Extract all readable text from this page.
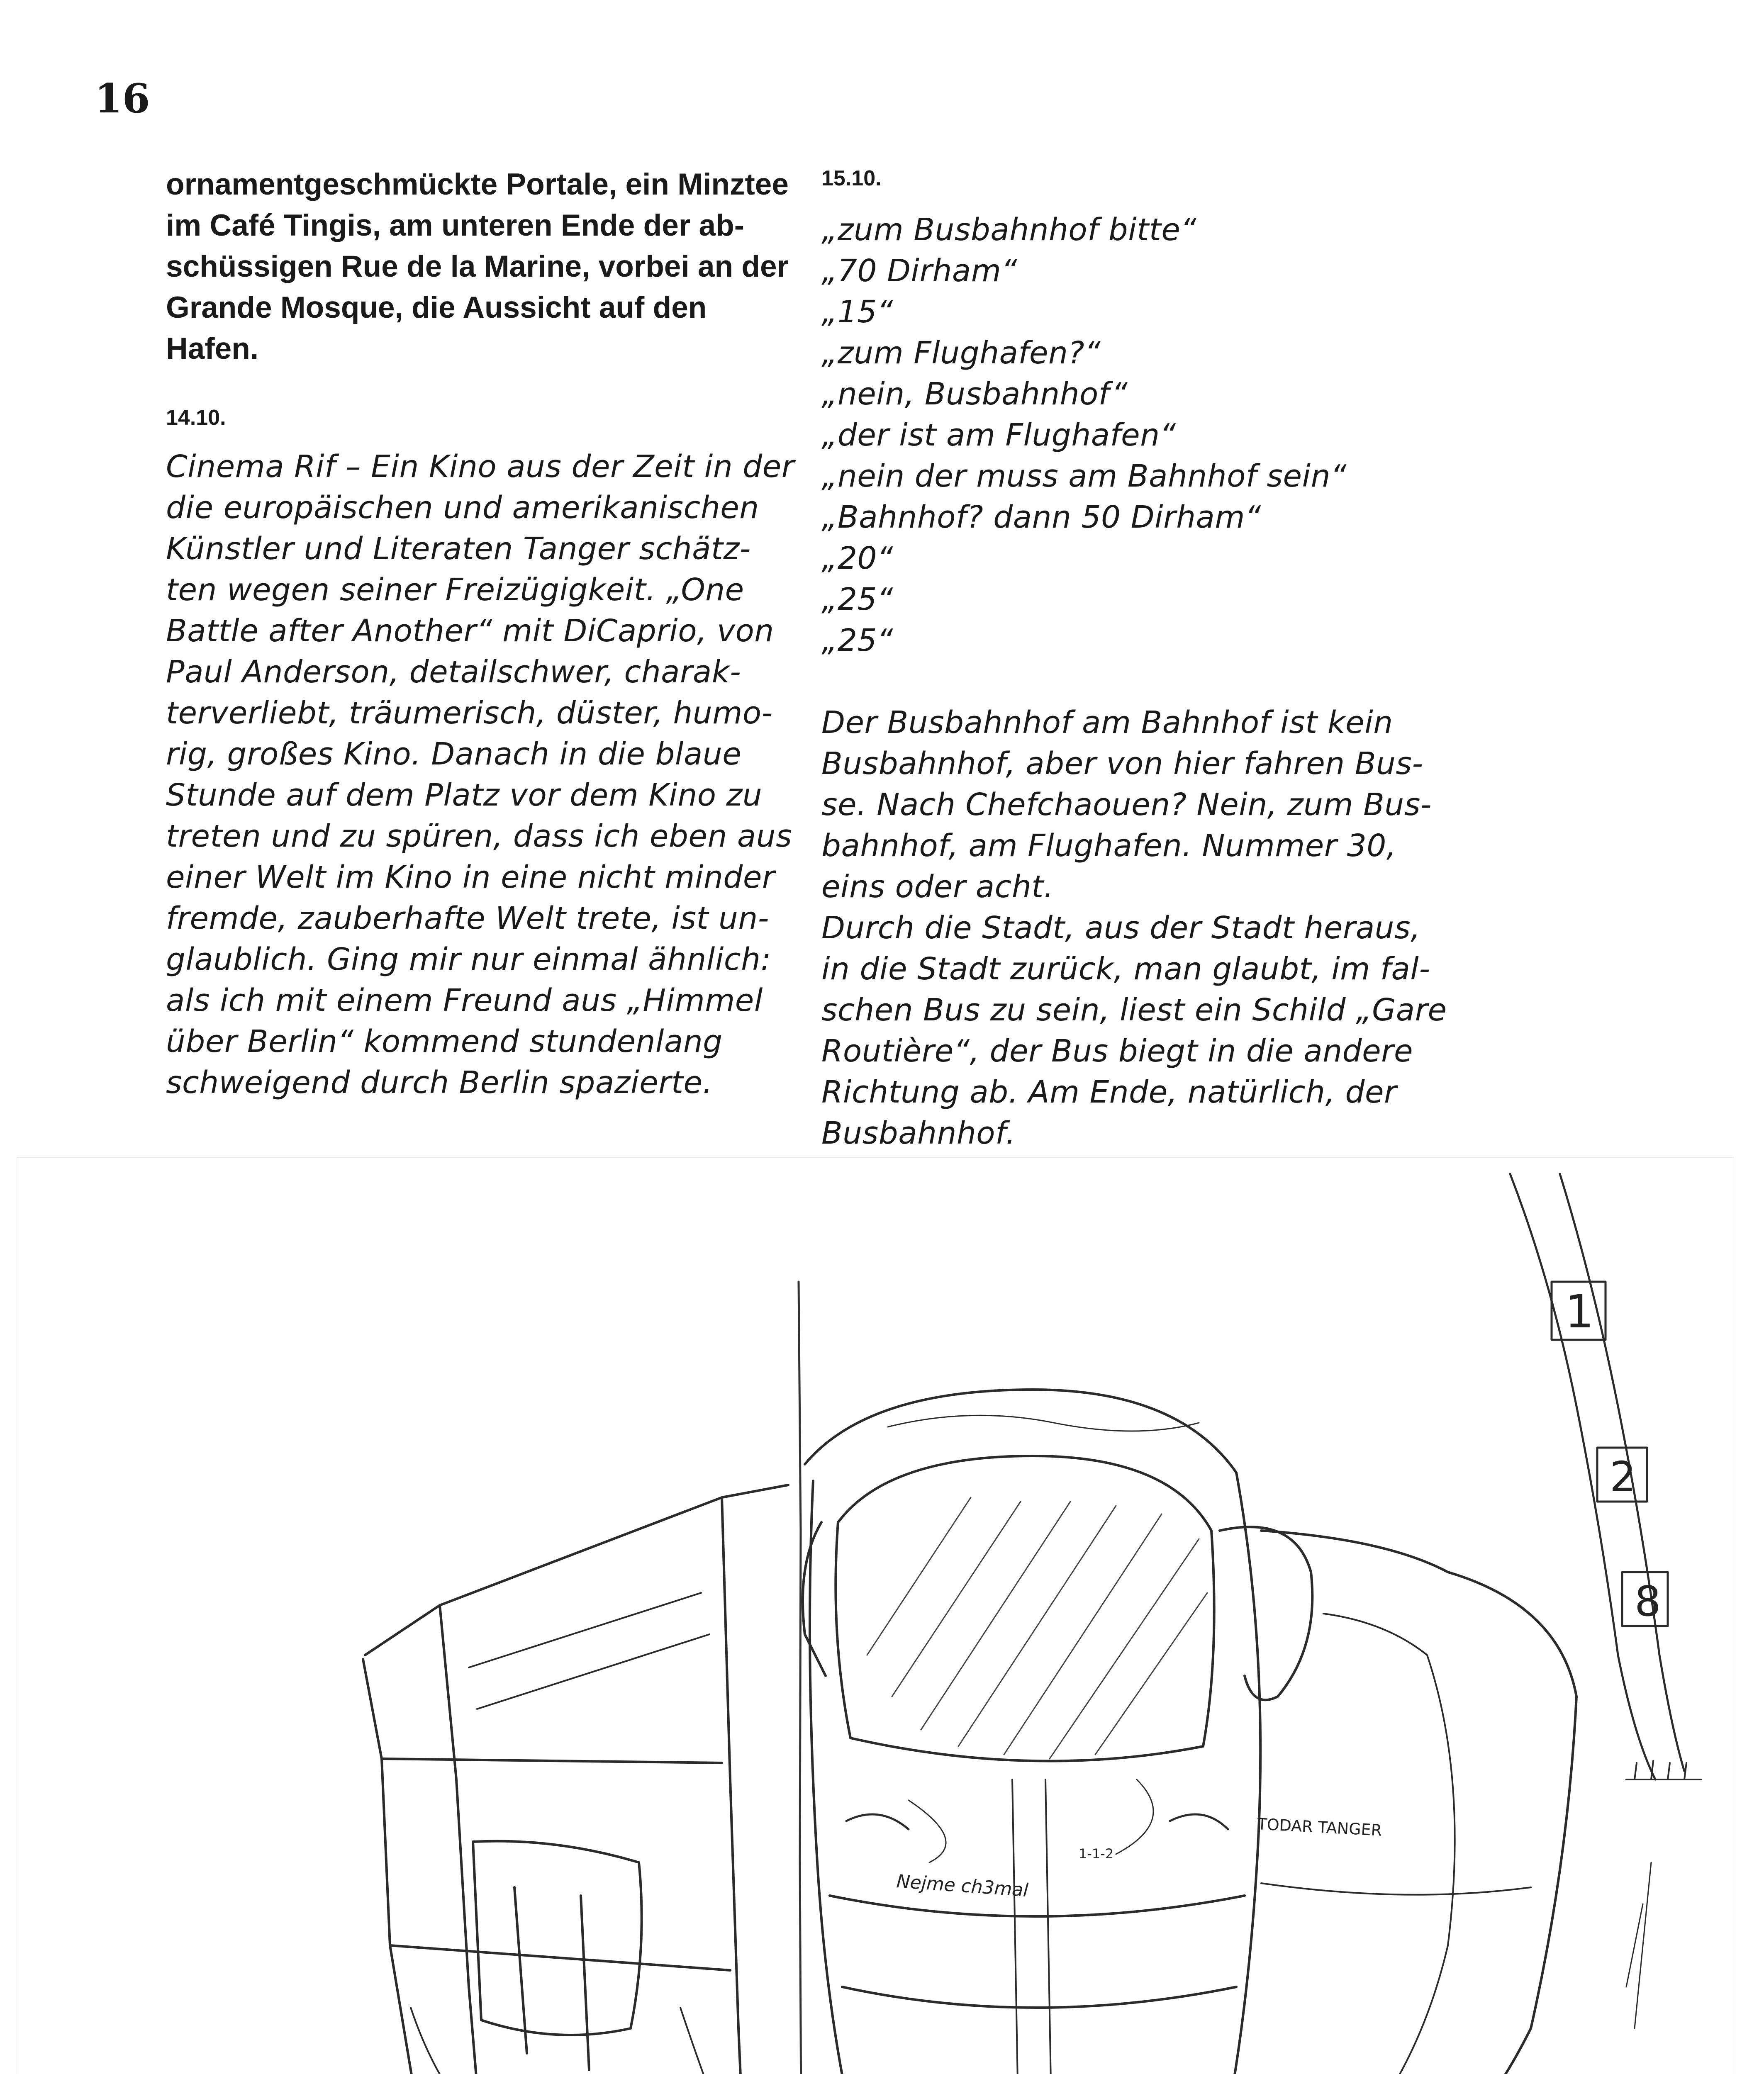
16

ornamentgeschmückte Portale, ein Minztee
im Café Tingis, am unteren Ende der ab-
schüssigen Rue de la Marine, vorbei an der
Grande Mosque, die Aussicht auf den Hafen.

14.10.

Cinema Rif – Ein Kino aus der Zeit in der
die europäischen und amerikanischen
Künstler und Literaten Tanger schätz-
ten wegen seiner Freizügigkeit. „One
Battle after Another“ mit DiCaprio, von
Paul Anderson, detailschwer, charak-
terverliebt, träumerisch, düster, humo-
rig, großes Kino. Danach in die blaue
Stunde auf dem Platz vor dem Kino zu
treten und zu spüren, dass ich eben aus
einer Welt im Kino in eine nicht minder
fremde, zauberhafte Welt trete, ist un-
glaublich. Ging mir nur einmal ähnlich:
als ich mit einem Freund aus „Himmel
über Berlin“ kommend stundenlang
schweigend durch Berlin spazierte.

15.10.

„zum Busbahnhof bitte“
„70 Dirham“
„15“
„zum Flughafen?“
„nein, Busbahnhof“
„der ist am Flughafen“
„nein der muss am Bahnhof sein“
„Bahnhof? dann 50 Dirham“
„20“
„25“
„25“

Der Busbahnhof am Bahnhof ist kein
Busbahnhof, aber von hier fahren Bus-
se. Nach Chefchaouen? Nein, zum Bus-
bahnhof, am Flughafen. Nummer 30,
eins oder acht.
Durch die Stadt, aus der Stadt heraus,
in die Stadt zurück, man glaubt, im fal-
schen Bus zu sein, liest ein Schild „Gare
Routière“, der Bus biegt in die andere
Richtung ab. Am Ende, natürlich, der
Busbahnhof.

1
2
8
Nejme ch3mal
TODAR TANGER
1-1-2
